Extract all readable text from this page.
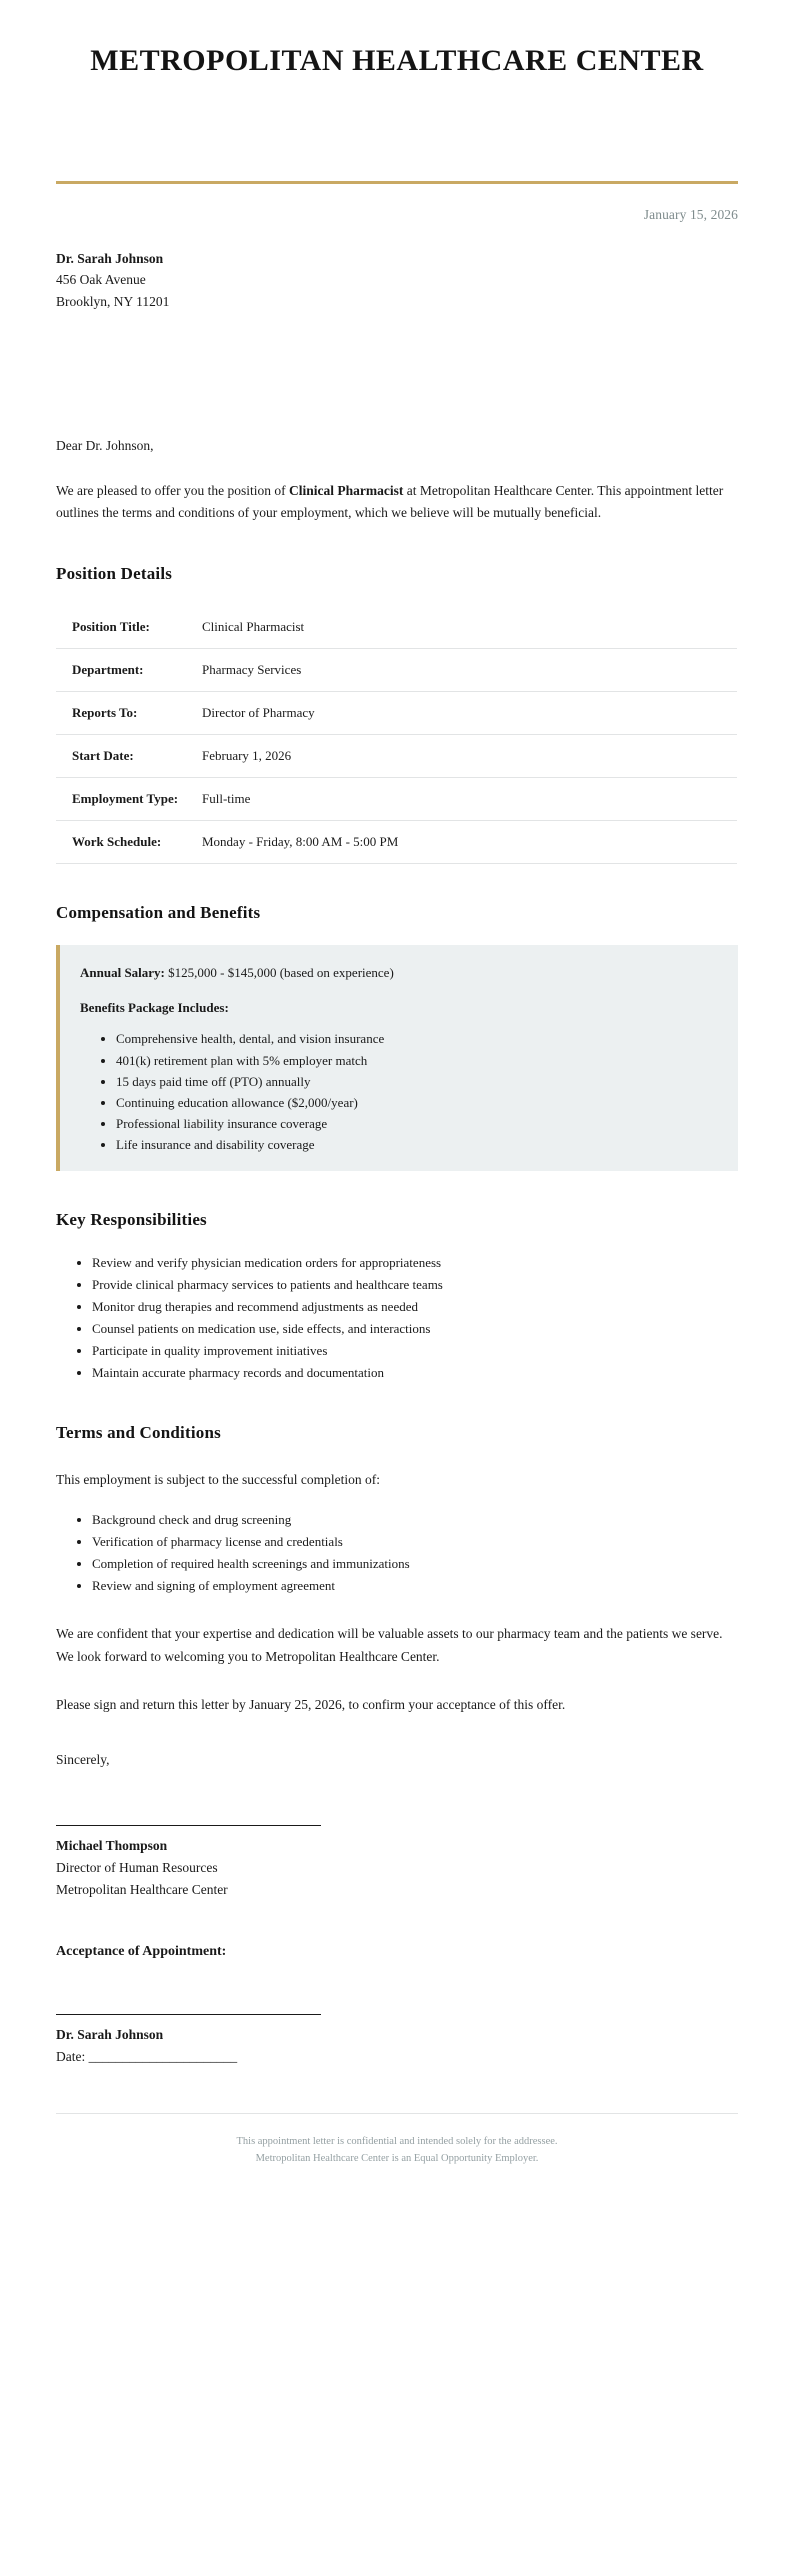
METROPOLITAN HEALTHCARE CENTER
January 15, 2026
Dr. Sarah Johnson
456 Oak Avenue
Brooklyn, NY 11201
Dear Dr. Johnson,

We are pleased to offer you the position of Clinical Pharmacist at Metropolitan Healthcare Center. This appointment letter outlines the terms and conditions of your employment, which we believe will be mutually beneficial.

Position Details
Position Title:	Clinical Pharmacist
Department:	Pharmacy Services
Reports To:	Director of Pharmacy
Start Date:	February 1, 2026
Employment Type:	Full-time
Work Schedule:	Monday - Friday, 8:00 AM - 5:00 PM
Compensation and Benefits

Annual Salary: $125,000 - $145,000 (based on experience)

Benefits Package Includes:

• Comprehensive health, dental, and vision insurance
• 401(k) retirement plan with 5% employer match
• 15 days paid time off (PTO) annually
• Continuing education allowance ($2,000/year)
• Professional liability insurance coverage
• Life insurance and disability coverage
Key Responsibilities
• Review and verify physician medication orders for appropriateness
• Provide clinical pharmacy services to patients and healthcare teams
• Monitor drug therapies and recommend adjustments as needed
• Counsel patients on medication use, side effects, and interactions
• Participate in quality improvement initiatives
• Maintain accurate pharmacy records and documentation
Terms and Conditions

This employment is subject to the successful completion of:

• Background check and drug screening
• Verification of pharmacy license and credentials
• Completion of required health screenings and immunizations
• Review and signing of employment agreement

We are confident that your expertise and dedication will be valuable assets to our pharmacy team and the patients we serve. We look forward to welcoming you to Metropolitan Healthcare Center.

Please sign and return this letter by January 25, 2026, to confirm your acceptance of this offer.

Sincerely,
Michael Thompson
Director of Human Resources
Metropolitan Healthcare Center
Acceptance of Appointment:
Dr. Sarah Johnson
Date: ______________________
This appointment letter is confidential and intended solely for the addressee.
Metropolitan Healthcare Center is an Equal Opportunity Employer.
